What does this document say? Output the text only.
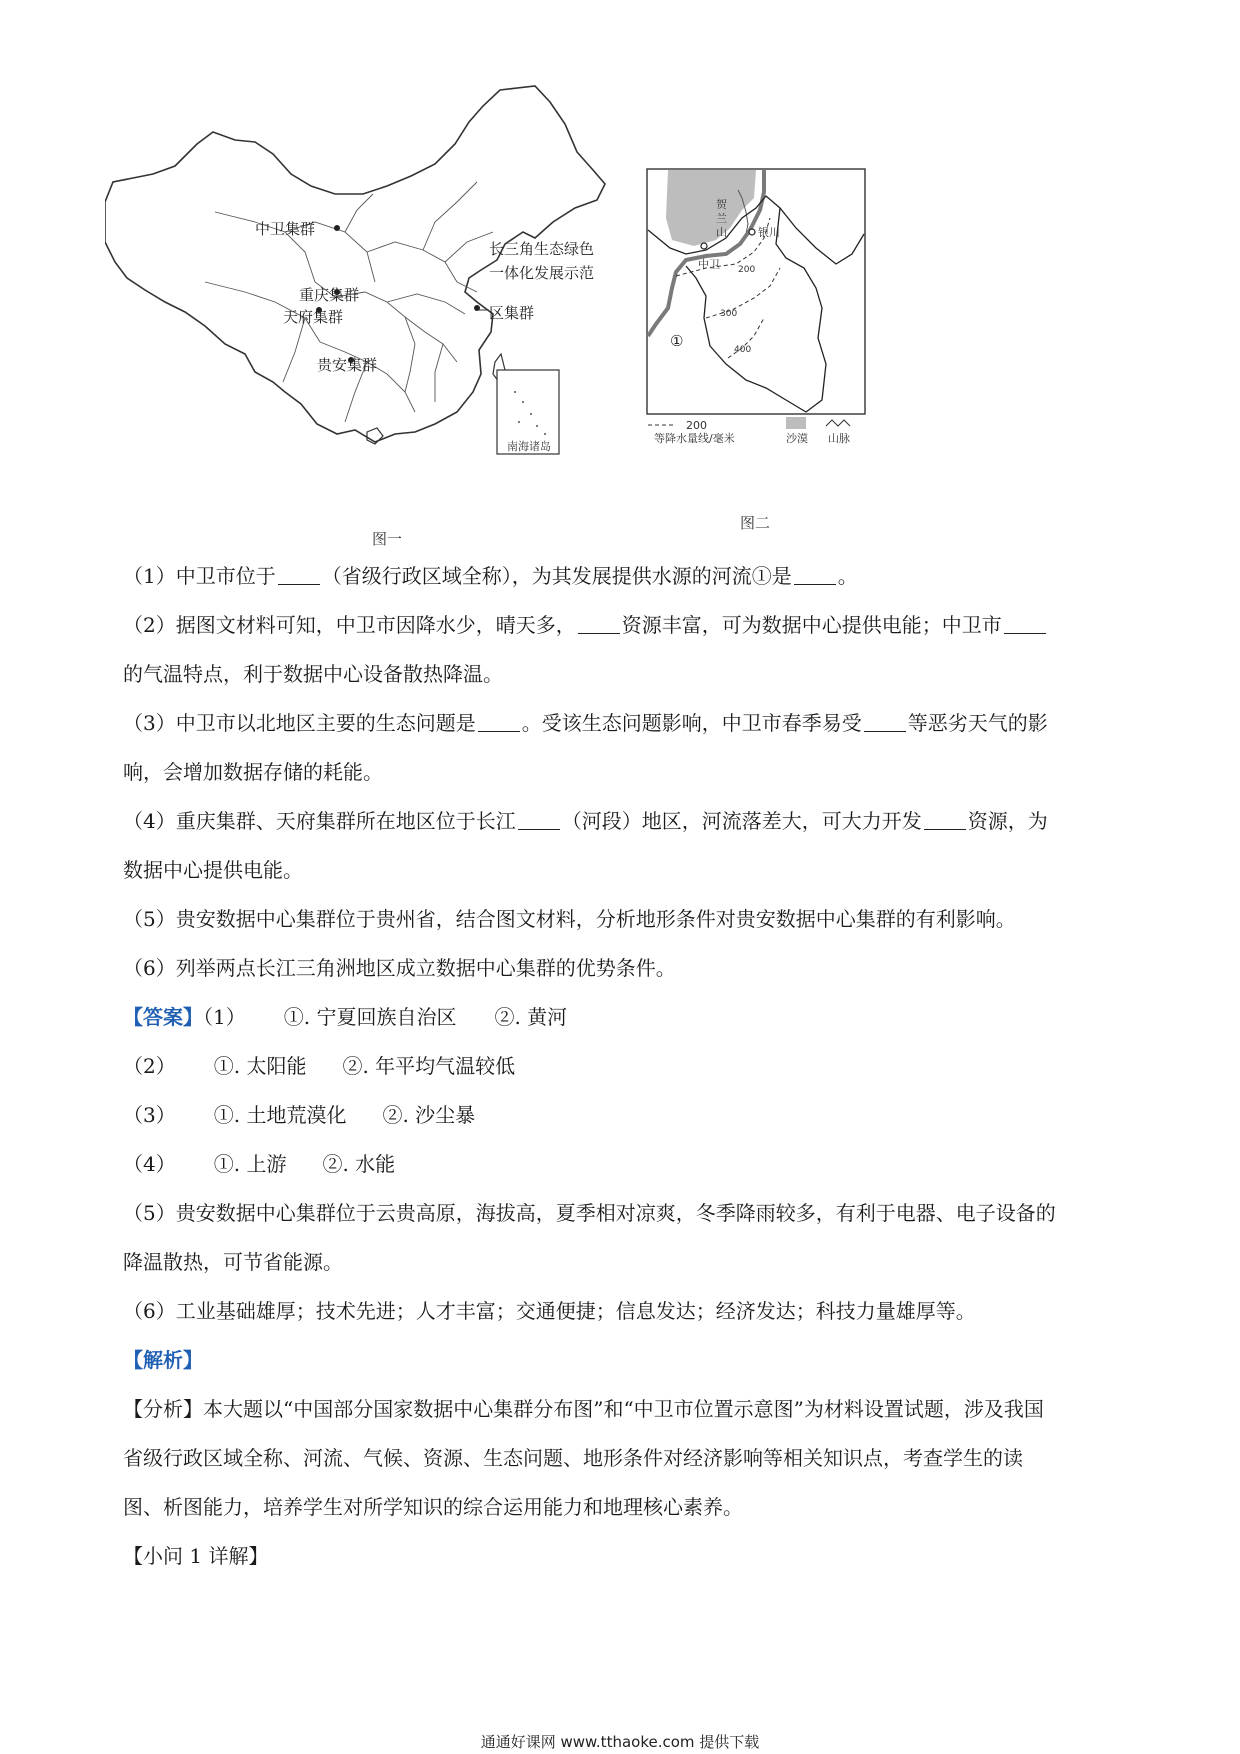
中卫集群
重庆集群
天府集群
贵安集群
长三角生态绿色
一体化发展示范
区集群
南海诸岛
图一
贺
兰
山	银川
中卫 200
300
400
①
200
等降水量线/毫米	沙漠 山脉
图二
（1）中卫市位于 （省级行政区域全称），为其发展提供水源的河流①是 。
（2）据图文材料可知，中卫市因降水少，晴天多， 资源丰富，可为数据中心提供电能；中卫市
的气温特点，利于数据中心设备散热降温。
（3）中卫市以北地区主要的生态问题是 。受该生态问题影响，中卫市春季易受 等恶劣天气的影
响，会增加数据存储的耗能。
（4）重庆集群、天府集群所在地区位于长江 （河段）地区，河流落差大，可大力开发 资源，为
数据中心提供电能。
（5）贵安数据中心集群位于贵州省，结合图文材料，分析地形条件对贵安数据中心集群的有利影响。
（6）列举两点长江三角洲地区成立数据中心集群的优势条件。
【答案】（1） ①. 宁夏回族自治区 ②. 黄河
（2） ①. 太阳能 ②. 年平均气温较低
（3） ①. 土地荒漠化 ②. 沙尘暴
（4） ①. 上游 ②. 水能
（5）贵安数据中心集群位于云贵高原，海拔高，夏季相对凉爽，冬季降雨较多，有利于电器、电子设备的
降温散热，可节省能源。
（6）工业基础雄厚；技术先进；人才丰富；交通便捷；信息发达；经济发达；科技力量雄厚等。
【解析】
【分析】本大题以“中国部分国家数据中心集群分布图”和“中卫市位置示意图”为材料设置试题，涉及我国
省级行政区域全称、河流、气候、资源、生态问题、地形条件对经济影响等相关知识点，考查学生的读
图、析图能力，培养学生对所学知识的综合运用能力和地理核心素养。
【小问 1 详解】
通通好课网 www.tthaoke.com 提供下载
